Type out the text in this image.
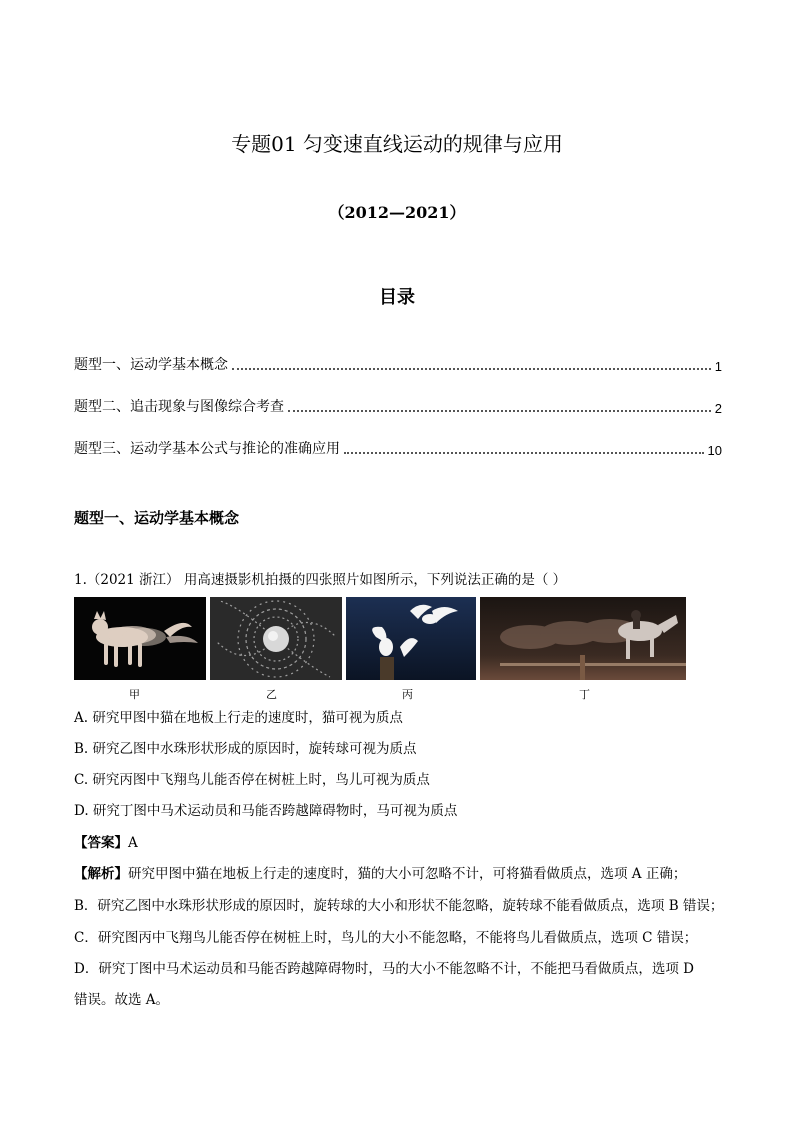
专题01 匀变速直线运动的规律与应用
（2012—2021）
目录
题型一、运动学基本概念	1
题型二、追击现象与图像综合考查	2
题型三、运动学基本公式与推论的准确应用	10
题型一、运动学基本概念
1.（2021 浙江） 用高速摄影机拍摄的四张照片如图所示，下列说法正确的是（ ）
甲	乙	丙	丁
A. 研究甲图中猫在地板上行走的速度时，猫可视为质点
B. 研究乙图中水珠形状形成的原因时，旋转球可视为质点
C. 研究丙图中飞翔鸟儿能否停在树桩上时，鸟儿可视为质点
D. 研究丁图中马术运动员和马能否跨越障碍物时，马可视为质点
【答案】A
【解析】研究甲图中猫在地板上行走的速度时，猫的大小可忽略不计，可将猫看做质点，选项 A 正确；
B．研究乙图中水珠形状形成的原因时，旋转球的大小和形状不能忽略，旋转球不能看做质点，选项 B 错误；
C．研究图丙中飞翔鸟儿能否停在树桩上时，鸟儿的大小不能忽略，不能将鸟儿看做质点，选项 C 错误；
D．研究丁图中马术运动员和马能否跨越障碍物时，马的大小不能忽略不计，不能把马看做质点，选项 D
错误。故选 A。
